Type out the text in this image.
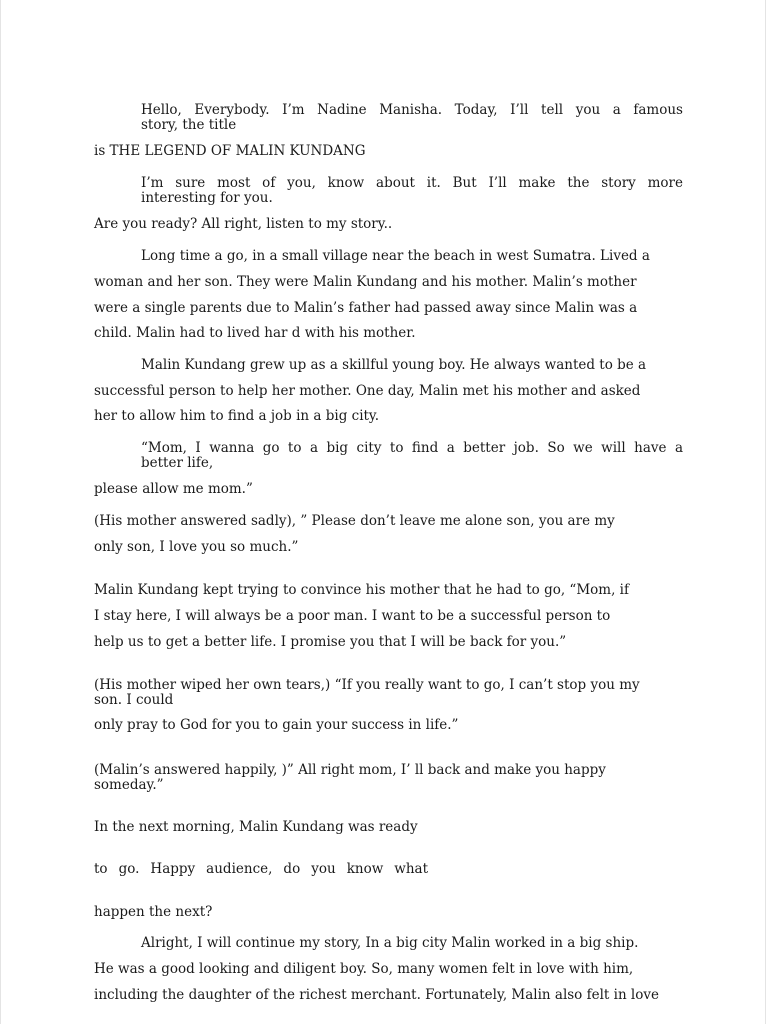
Hello, Everybody. I’m Nadine Manisha. Today, I’ll tell you a famous
story, the title
is THE LEGEND OF MALIN KUNDANG
I’m sure most of you, know about it. But I’ll make the story more
interesting for you.
Are you ready? All right, listen to my story..
Long time a go, in a small village near the beach in west Sumatra. Lived a
woman and her son. They were Malin Kundang and his mother. Malin’s mother
were a single parents due to Malin’s father had passed away since Malin was a
child. Malin had to lived har d with his mother.
Malin Kundang grew up as a skillful young boy. He always wanted to be a
successful person to help her mother. One day, Malin met his mother and asked
her to allow him to find a job in a big city.
“Mom, I wanna go to a big city to find a better job. So we will have a
better life,
please allow me mom.”
(His mother answered sadly), ” Please don’t leave me alone son, you are my
only son, I love you so much.”
Malin Kundang kept trying to convince his mother that he had to go, “Mom, if
I stay here, I will always be a poor man. I want to be a successful person to
help us to get a better life. I promise you that I will be back for you.”
(His mother wiped her own tears,) “If you really want to go, I can’t stop you my
son. I could
only pray to God for you to gain your success in life.”
(Malin’s answered happily, )” All right mom, I’ ll back and make you happy
someday.”
In the next morning, Malin Kundang was ready
to go. Happy audience, do you know what
happen the next?
Alright, I will continue my story, In a big city Malin worked in a big ship.
He was a good looking and diligent boy. So, many women felt in love with him,
including the daughter of the richest merchant. Fortunately, Malin also felt in love
